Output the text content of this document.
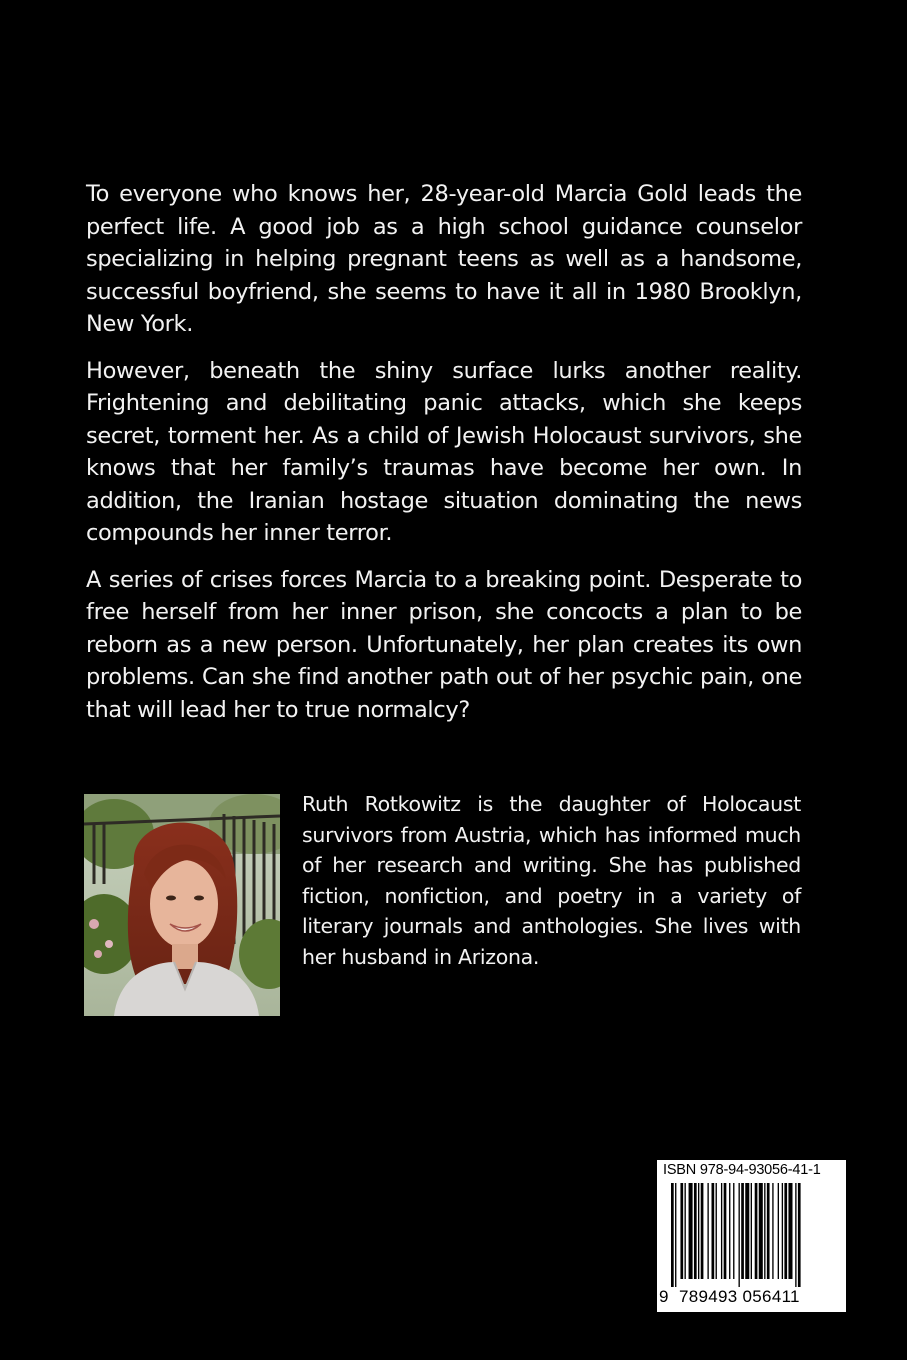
To everyone who knows her, 28-year-old Marcia Gold leads the perfect life. A good job as a high school guidance counselor specializing in helping pregnant teens as well as a handsome, successful boyfriend, she seems to have it all in 1980 Brooklyn, New York.

However, beneath the shiny surface lurks another reality. Frightening and debilitating panic attacks, which she keeps secret, torment her. As a child of Jewish Holocaust survivors, she knows that her family’s traumas have become her own. In addition, the Iranian hostage situation dominating the news compounds her inner terror.

A series of crises forces Marcia to a breaking point. Desperate to free herself from her inner prison, she concocts a plan to be reborn as a new person. Unfortunately, her plan creates its own problems. Can she find another path out of her psychic pain, one that will lead her to true normalcy?

Ruth Rotkowitz is the daughter of Holocaust survivors from Austria, which has informed much of her research and writing. She has published fiction, nonfiction, and poetry in a variety of literary journals and anthologies. She lives with her husband in Arizona.

ISBN 978-94-93056-41-1
9 789493 056411
